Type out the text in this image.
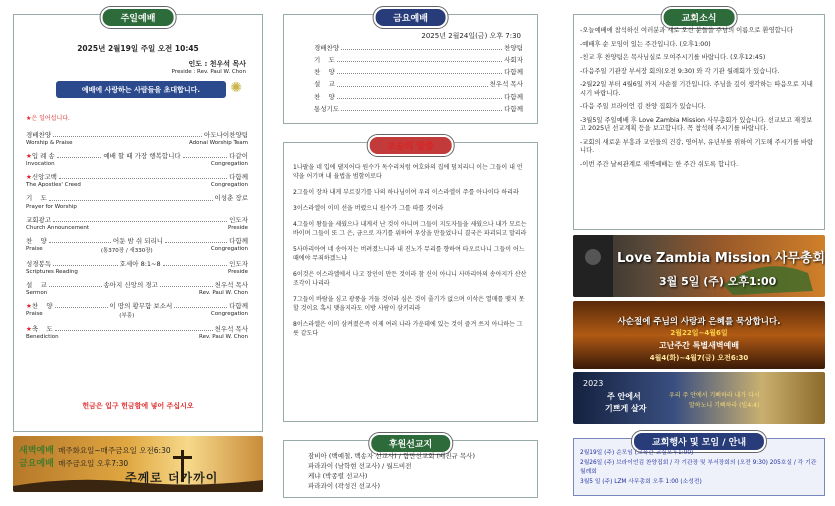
주일예배
2025년 2월19일 주일 오전 10:45
인도 : 천우석 목사
Preside : Rev. Paul W. Chon
예배에 사랑하는 사람들을 초대합니다. ✺
★은 일어섭니다.
경배찬양	아도나이찬양팀
Worship & Praise	Adonai Worship Team
★입 례 송	예배 할 때 가장 행복합니다	다같이
Invocation	Congregation
★신앙고백	다함께
The Apostles' Creed	Congregation
기    도	이성춘 장로
Prayer for Worship
교회광고	인도자
Church Announcement	Preside
찬    양	어둔 밤 쉬 되리니	다함께
Praise	(통370장 / 새330장)	Congregation
성경봉독	호세아 8:1~8	인도자
Scriptures Reading	Preside
설    교	송아지 신앙의 경고	천우석 목사
Sermon	Rev. Paul W. Chon
★찬    양	이 땅의 황무함 보소서	다함께
Praise	(부흥)	Congregation
★축    도	천우석 목사
Benediction	Rev. Paul W. Chon
헌금은 입구 헌금함에 넣어 주십시오
새벽예배 매주화요일~매주금요일 오전6:30
금요예배 매주금요일 오후7:30
주께로 더가까이
금요예배
2025년 2월24일(금) 오후 7:30
경배찬양	찬양팀
기    도	사회자
찬    양	다함께
설    교	천우석 목사
찬    양	다함께
통성기도	다함께
오늘의 말씀
1나팔을 네 입에 댈지어다 원수가 독수리처럼 여호와의 집에 덮치리니 이는 그들이 내 언약을 어기며 내 율법을 범함이로다
2그들이 장차 내게 부르짖기를 나의 하나님이여 우리 이스라엘이 주를 아나이다 하리라
3이스라엘이 이미 선을 버렸으니 원수가 그를 따를 것이라
4그들이 왕들을 세웠으나 내게서 난 것이 아니며 그들이 지도자들을 세웠으나 내가 모르는 바이며 그들이 또 그 은, 금으로 자기를 위하여 우상을 만들었나니 결국은 파괴되고 말리라
5사마리아여 네 송아지는 버려졌느니라 내 진노가 무리를 향하여 타오르나니 그들이 어느 때에야 무죄하겠느냐
6이것은 이스라엘에서 나고 장인이 만든 것이라 참 신이 아니니 사마리아의 송아지가 산산조각이 나리라
7그들이 바람을 심고 광풍을 거둘 것이라 심은 것이 줄기가 없으며 이삭은 열매를 맺지 못할 것이요 혹시 맺을지라도 이방 사람이 삼키리라
8이스라엘은 이미 삼켜졌은즉 이제 여러 나라 가운데에 있는 것이 즐겨 쓰지 아니하는 그릇 같도다
후원선교지
잠비아 (백예철, 백송자 선교사) / 함만선교회 (배진규 목사)
파라과이 (남학현 선교사) / 월드비전
케냐 (박종렬 선교사)
파라과이 (곽성건 선교사)
교회소식
-오늘예배에 참석하신 여러분과 새로 오신 분들을 주님의 이름으로 환영합니다
-예배후 순 모임이 있는 주간입니다. (오후1:00)
-친교 후 찬양팀은 목사님실로 모여주시기를 바랍니다. (오후12:45)
-다음주일 기관장 부서장 회의(오전 9:30) 와 각 기관 월례회가 있습니다.
-2월22일 부터 4월6일 까지 사순절 기간입니다. 주님을 깊이 생각하는 따음으로 지내시기 바랍니다.
-다음 주일 브라이언 김 찬양 집회가 있습니다.
-3월5일 주일예배 후 Love Zambia Mission 사무총회가 있습니다. 선교보고 재정보고 2025년 선교계획 등을 보고합니다. 꼭 참석해 주시기를 바랍니다.
-교회의 새로운 부흥과 교인들의 건강, 영어부, 유년부를 위하여 기도해 주시기를 바랍니다.
-이번 주간 날씨관계로 새벽예배는 한 주간 쉬도록 합니다.
Love Zambia Mission 사무총회
3월 5일 (주) 오후1:00
사순절에 주님의 사랑과 은혜를 묵상합니다.
2월22일~4월6일
고난주간 특별새벽예배
4월4(화)~4월7(금) 오전6:30
2023
주 안에서
기쁘게 살자
우리 주 안에서 기뻐하라 내가 다시
말하노니 기뻐하라 (빌4:4)
교회행사 및 모임 / 안내
2월19일 (주) 순모임 (교육관 교실오후1:00)
2월26일 (주) 브라이언김 찬양집회 / 각 기관장 및 부서장회의 (오전 9:30) 205호실 / 각 기관 월례회
3월5 일 (주) LZM 사무총회 오후 1:00 (소성전)
